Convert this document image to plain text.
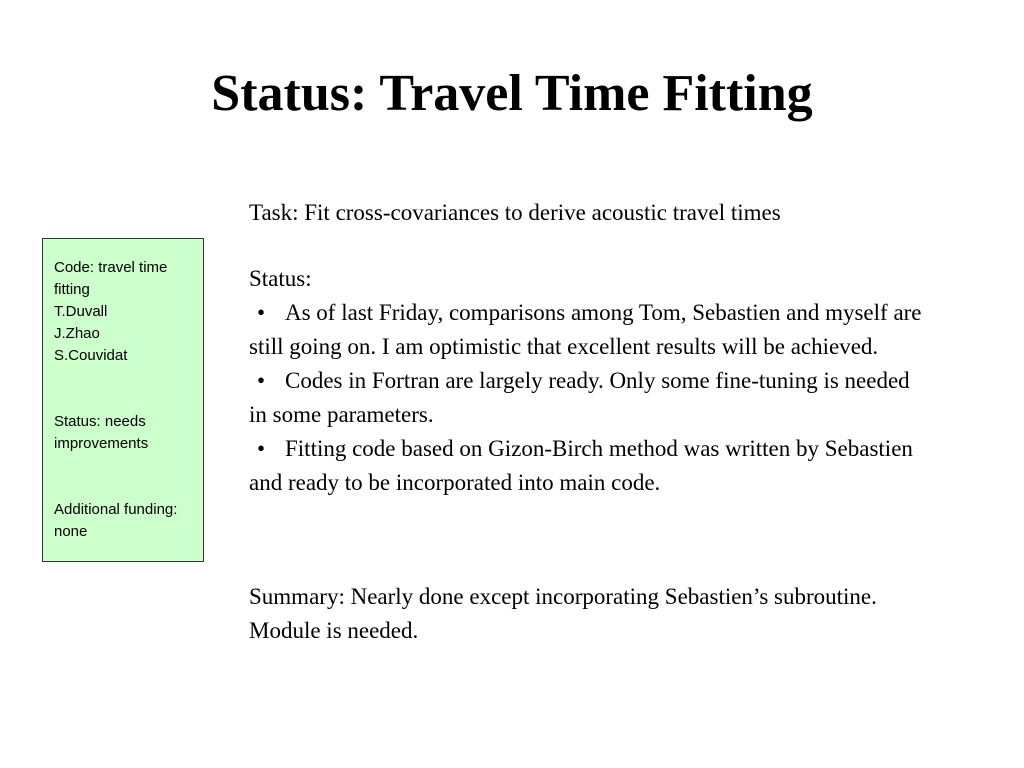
Status: Travel Time Fitting
Code: travel time
fitting
T.Duvall
J.Zhao
S.Couvidat
Status: needs improvements
Additional funding: none
Task: Fit cross-covariances to derive acoustic travel times
Status:
• As of last Friday, comparisons among Tom, Sebastien and myself are still going on. I am optimistic that excellent results will be achieved.
• Codes in Fortran are largely ready. Only some fine-tuning is needed in some parameters.
• Fitting code based on Gizon-Birch method was written by Sebastien and ready to be incorporated into main code.
Summary: Nearly done except incorporating Sebastien’s subroutine. Module is needed.
